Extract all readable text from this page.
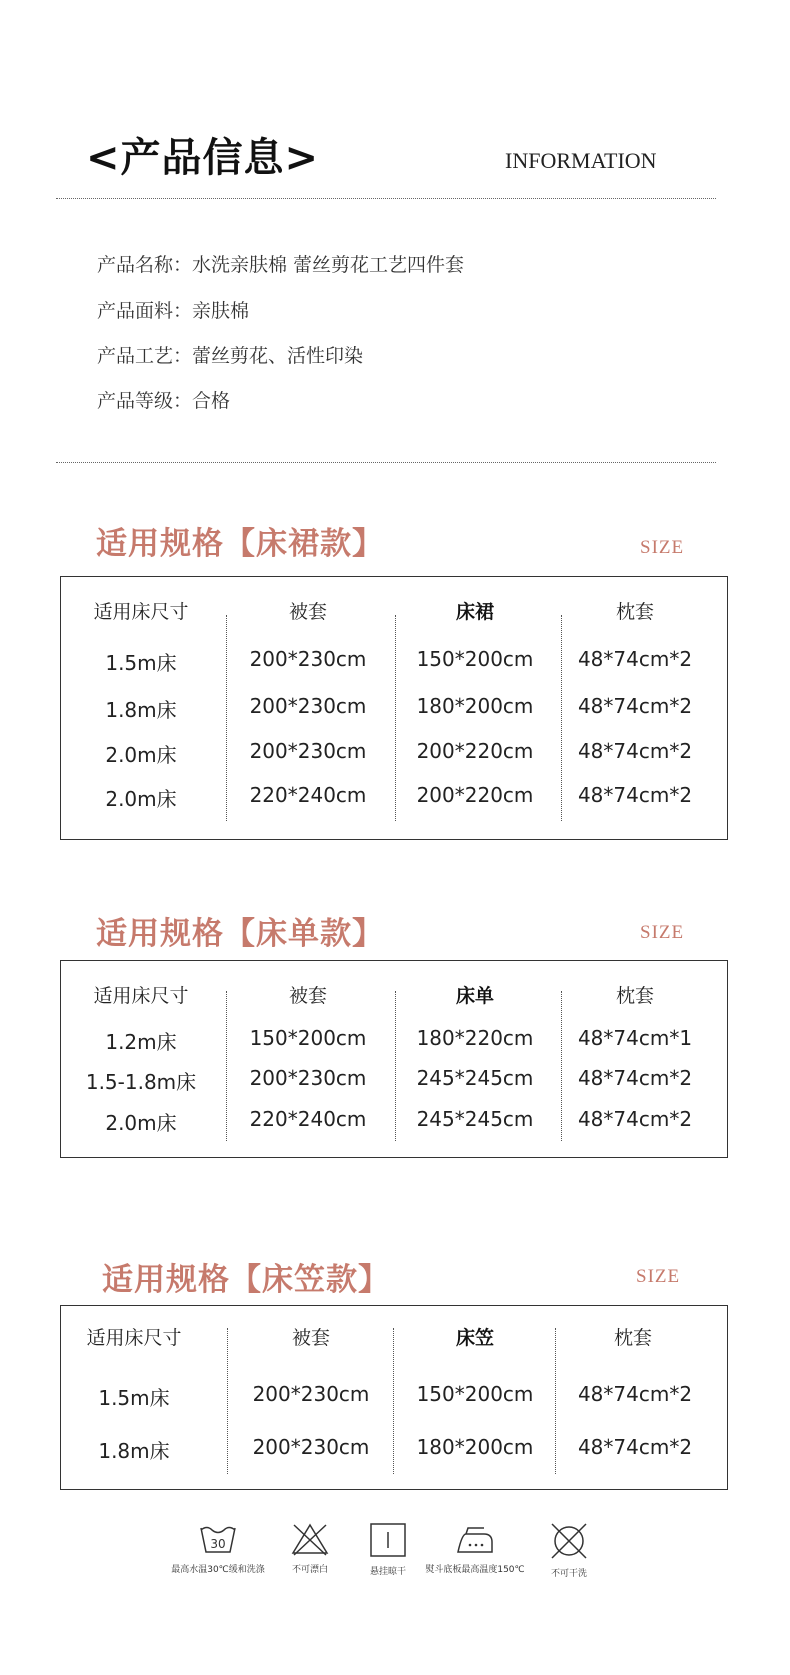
<产品信息>	INFORMATION
产品名称：水洗亲肤棉 蕾丝剪花工艺四件套
产品面料：亲肤棉
产品工艺：蕾丝剪花、活性印染
产品等级：合格
适用规格【床裙款】	SIZE
适用床尺寸	被套	床裙	枕套
1.5m床	200*230cm	150*200cm	48*74cm*2
1.8m床	200*230cm	180*200cm	48*74cm*2
2.0m床	200*230cm	200*220cm	48*74cm*2
2.0m床	220*240cm	200*220cm	48*74cm*2
适用规格【床单款】	SIZE
适用床尺寸	被套	床单	枕套
1.2m床	150*200cm	180*220cm	48*74cm*1
1.5-1.8m床	200*230cm	245*245cm	48*74cm*2
2.0m床	220*240cm	245*245cm	48*74cm*2
适用规格【床笠款】	SIZE
适用床尺寸	被套	床笠	枕套
1.5m床	200*230cm	150*200cm	48*74cm*2
1.8m床	200*230cm	180*200cm	48*74cm*2
30
最高水温30℃缓和洗涤	不可漂白	悬挂晾干	熨斗底板最高温度150℃	不可干洗
